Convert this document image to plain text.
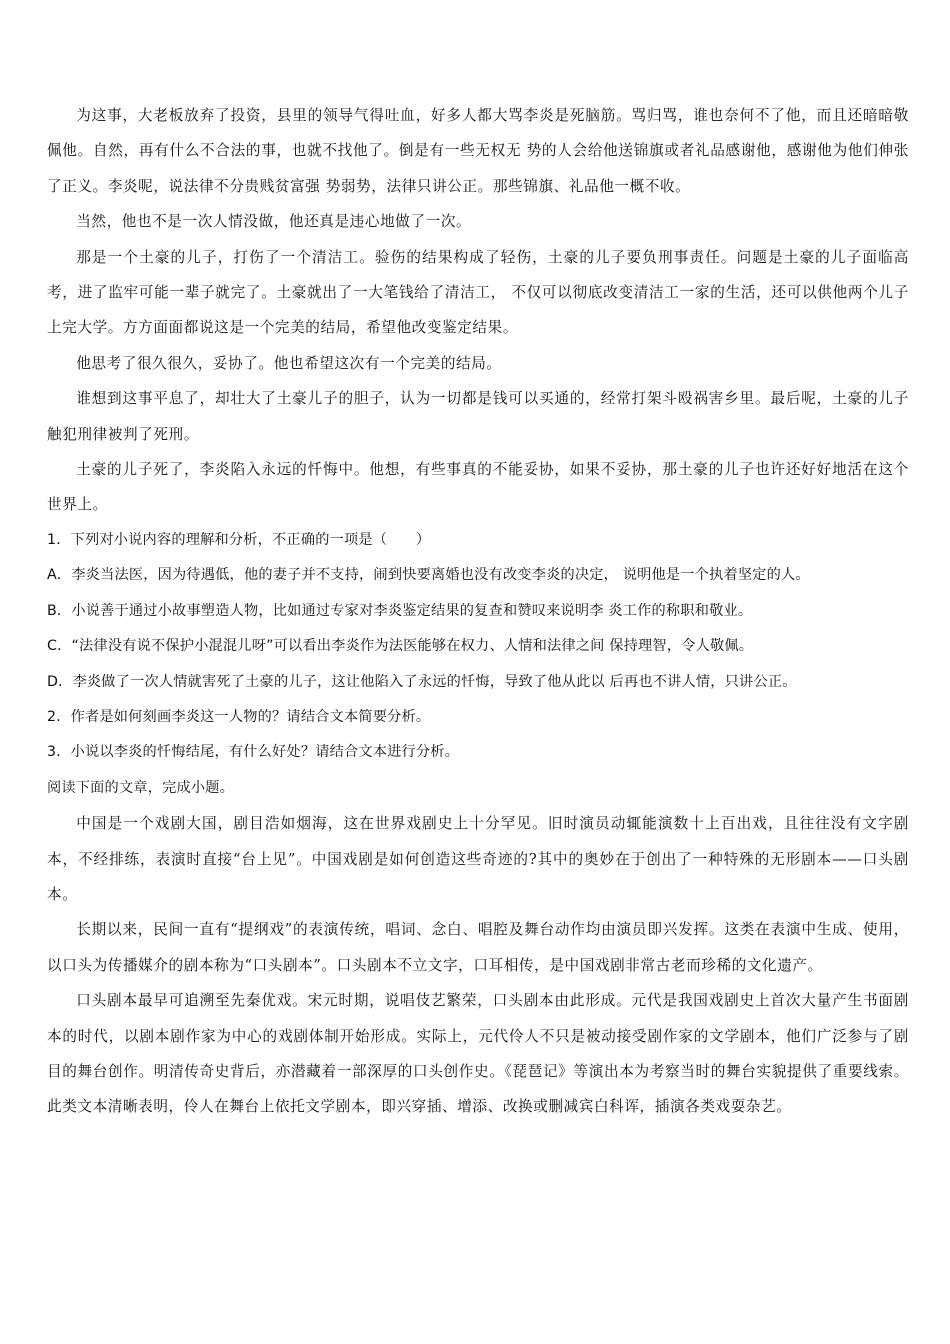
为这事，大老板放弃了投资，县里的领导气得吐血，好多人都大骂李炎是死脑筋。骂归骂，谁也奈何不了他，而且还暗暗敬佩他。自然，再有什么不合法的事，也就不找他了。倒是有一些无权无 势的人会给他送锦旗或者礼品感谢他，感谢他为他们伸张了正义。李炎呢，说法律不分贵贱贫富强 势弱势，法律只讲公正。那些锦旗、礼品他一概不收。

当然，他也不是一次人情没做，他还真是违心地做了一次。

那是一个土豪的儿子，打伤了一个清洁工。验伤的结果构成了轻伤，土豪的儿子要负刑事责任。问题是土豪的儿子面临高考，进了监牢可能一辈子就完了。土豪就出了一大笔钱给了清洁工， 不仅可以彻底改变清洁工一家的生活，还可以供他两个儿子上完大学。方方面面都说这是一个完美的结局，希望他改变鉴定结果。

他思考了很久很久，妥协了。他也希望这次有一个完美的结局。

谁想到这事平息了，却壮大了土豪儿子的胆子，认为一切都是钱可以买通的，经常打架斗殴祸害乡里。最后呢，土豪的儿子触犯刑律被判了死刑。

土豪的儿子死了，李炎陷入永远的忏悔中。他想，有些事真的不能妥协，如果不妥协，那土豪的儿子也许还好好地活在这个世界上。

1．下列对小说内容的理解和分析，不正确的一项是（　　）

A．李炎当法医，因为待遇低，他的妻子并不支持，闹到快要离婚也没有改变李炎的决定， 说明他是一个执着坚定的人。

B．小说善于通过小故事塑造人物，比如通过专家对李炎鉴定结果的复查和赞叹来说明李 炎工作的称职和敬业。

C．“法律没有说不保护小混混儿呀”可以看出李炎作为法医能够在权力、人情和法律之间 保持理智，令人敬佩。

D．李炎做了一次人情就害死了土豪的儿子，这让他陷入了永远的忏悔，导致了他从此以 后再也不讲人情，只讲公正。

2．作者是如何刻画李炎这一人物的？请结合文本简要分析。

3．小说以李炎的忏悔结尾，有什么好处？请结合文本进行分析。

阅读下面的文章，完成小题。

中国是一个戏剧大国，剧目浩如烟海，这在世界戏剧史上十分罕见。旧时演员动辄能演数十上百出戏，且往往没有文字剧本，不经排练，表演时直接“台上见”。中国戏剧是如何创造这些奇迹的?其中的奥妙在于创出了一种特殊的无形剧本——口头剧本。

长期以来，民间一直有“提纲戏”的表演传统，唱词、念白、唱腔及舞台动作均由演员即兴发挥。这类在表演中生成、使用，以口头为传播媒介的剧本称为“口头剧本”。口头剧本不立文字，口耳相传，是中国戏剧非常古老而珍稀的文化遗产。

口头剧本最早可追溯至先秦优戏。宋元时期，说唱伎艺繁荣，口头剧本由此形成。元代是我国戏剧史上首次大量产生书面剧本的时代，以剧本剧作家为中心的戏剧体制开始形成。实际上，元代伶人不只是被动接受剧作家的文学剧本，他们广泛参与了剧目的舞台创作。明清传奇史背后，亦潜藏着一部深厚的口头创作史。《琵琶记》等演出本为考察当时的舞台实貌提供了重要线索。此类文本清晰表明，伶人在舞台上依托文学剧本，即兴穿插、增添、改换或删减宾白科诨，插演各类戏耍杂艺。
